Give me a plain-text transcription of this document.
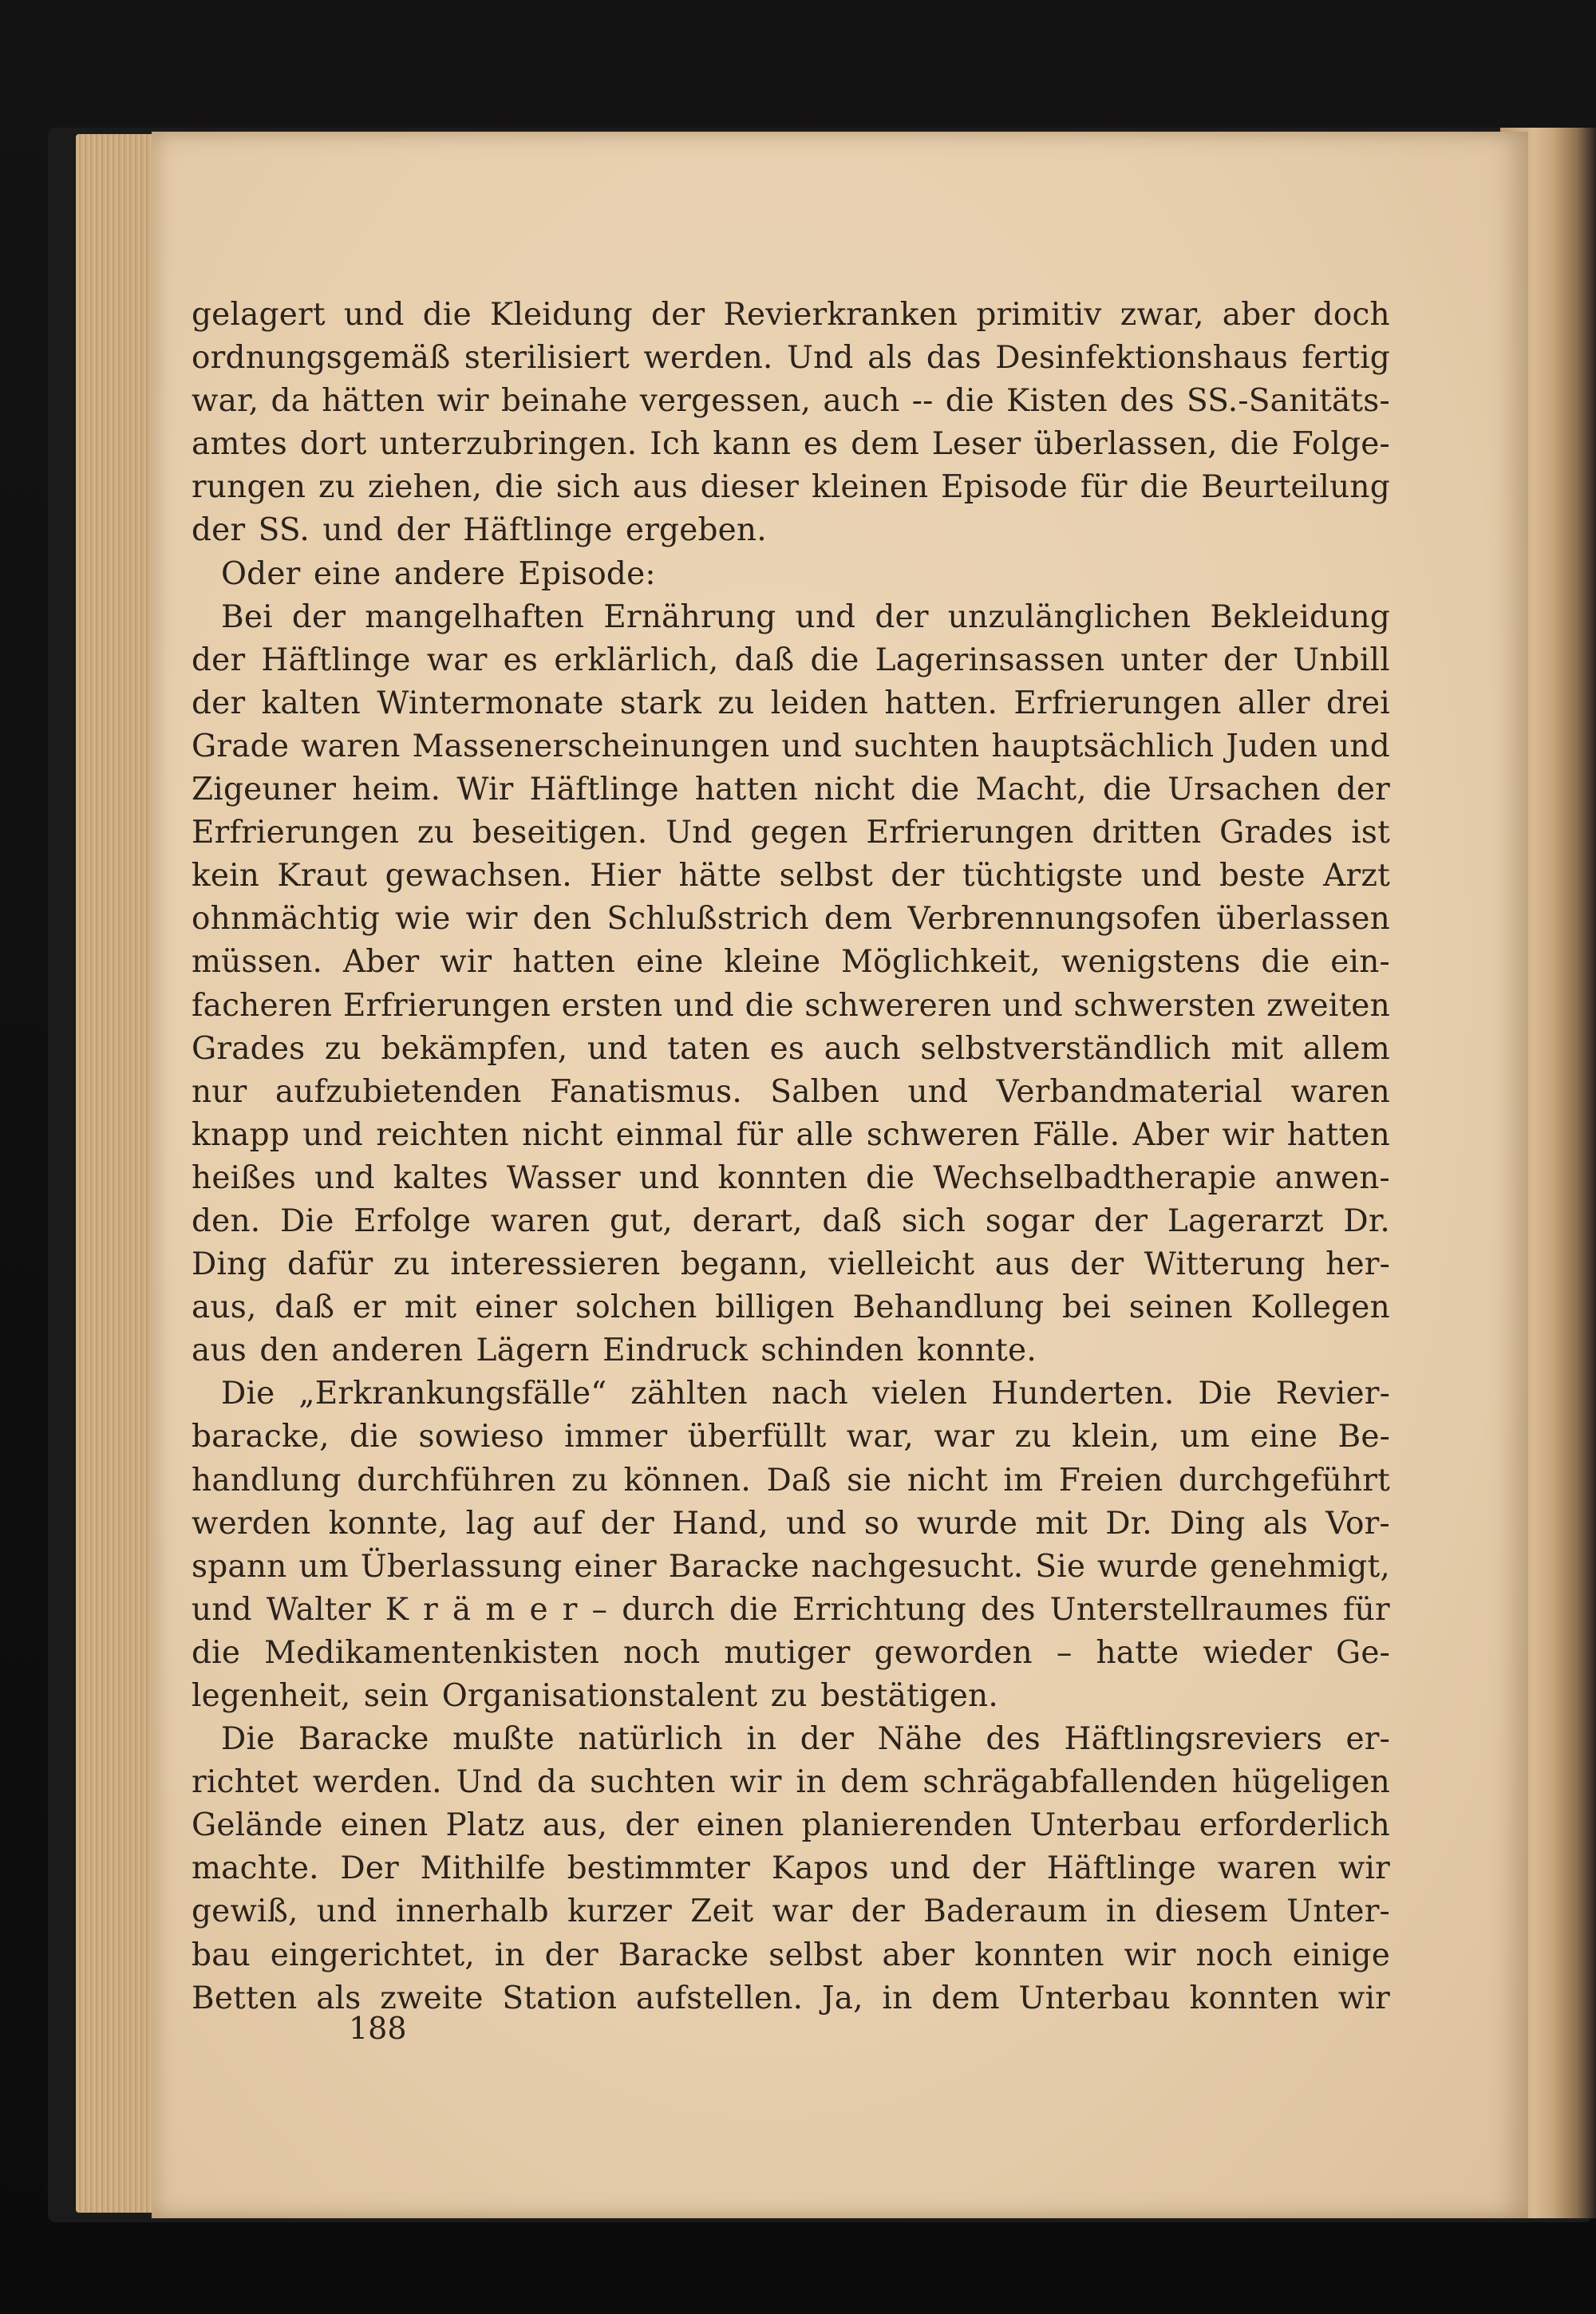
gelagert und die Kleidung der Revierkranken primitiv zwar, aber doch
ordnungsgemäß sterilisiert werden. Und als das Desinfektionshaus fertig
war, da hätten wir beinahe vergessen, auch -- die Kisten des SS.-Sanitäts-
amtes dort unterzubringen. Ich kann es dem Leser überlassen, die Folge-
rungen zu ziehen, die sich aus dieser kleinen Episode für die Beurteilung
der SS. und der Häftlinge ergeben.
Oder eine andere Episode:
Bei der mangelhaften Ernährung und der unzulänglichen Bekleidung
der Häftlinge war es erklärlich, daß die Lagerinsassen unter der Unbill
der kalten Wintermonate stark zu leiden hatten. Erfrierungen aller drei
Grade waren Massenerscheinungen und suchten hauptsächlich Juden und
Zigeuner heim. Wir Häftlinge hatten nicht die Macht, die Ursachen der
Erfrierungen zu beseitigen. Und gegen Erfrierungen dritten Grades ist
kein Kraut gewachsen. Hier hätte selbst der tüchtigste und beste Arzt
ohnmächtig wie wir den Schlußstrich dem Verbrennungsofen überlassen
müssen. Aber wir hatten eine kleine Möglichkeit, wenigstens die ein-
facheren Erfrierungen ersten und die schwereren und schwersten zweiten
Grades zu bekämpfen, und taten es auch selbstverständlich mit allem
nur aufzubietenden Fanatismus. Salben und Verbandmaterial waren
knapp und reichten nicht einmal für alle schweren Fälle. Aber wir hatten
heißes und kaltes Wasser und konnten die Wechselbadtherapie anwen-
den. Die Erfolge waren gut, derart, daß sich sogar der Lagerarzt Dr.
Ding dafür zu interessieren begann, vielleicht aus der Witterung her-
aus, daß er mit einer solchen billigen Behandlung bei seinen Kollegen
aus den anderen Lägern Eindruck schinden konnte.
Die „Erkrankungsfälle“ zählten nach vielen Hunderten. Die Revier-
baracke, die sowieso immer überfüllt war, war zu klein, um eine Be-
handlung durchführen zu können. Daß sie nicht im Freien durchgeführt
werden konnte, lag auf der Hand, und so wurde mit Dr. Ding als Vor-
spann um Überlassung einer Baracke nachgesucht. Sie wurde genehmigt,
und Walter K r ä m e r – durch die Errichtung des Unterstellraumes für
die Medikamentenkisten noch mutiger geworden – hatte wieder Ge-
legenheit, sein Organisationstalent zu bestätigen.
Die Baracke mußte natürlich in der Nähe des Häftlingsreviers er-
richtet werden. Und da suchten wir in dem schrägabfallenden hügeligen
Gelände einen Platz aus, der einen planierenden Unterbau erforderlich
machte. Der Mithilfe bestimmter Kapos und der Häftlinge waren wir
gewiß, und innerhalb kurzer Zeit war der Baderaum in diesem Unter-
bau eingerichtet, in der Baracke selbst aber konnten wir noch einige
Betten als zweite Station aufstellen. Ja, in dem Unterbau konnten wir
188
